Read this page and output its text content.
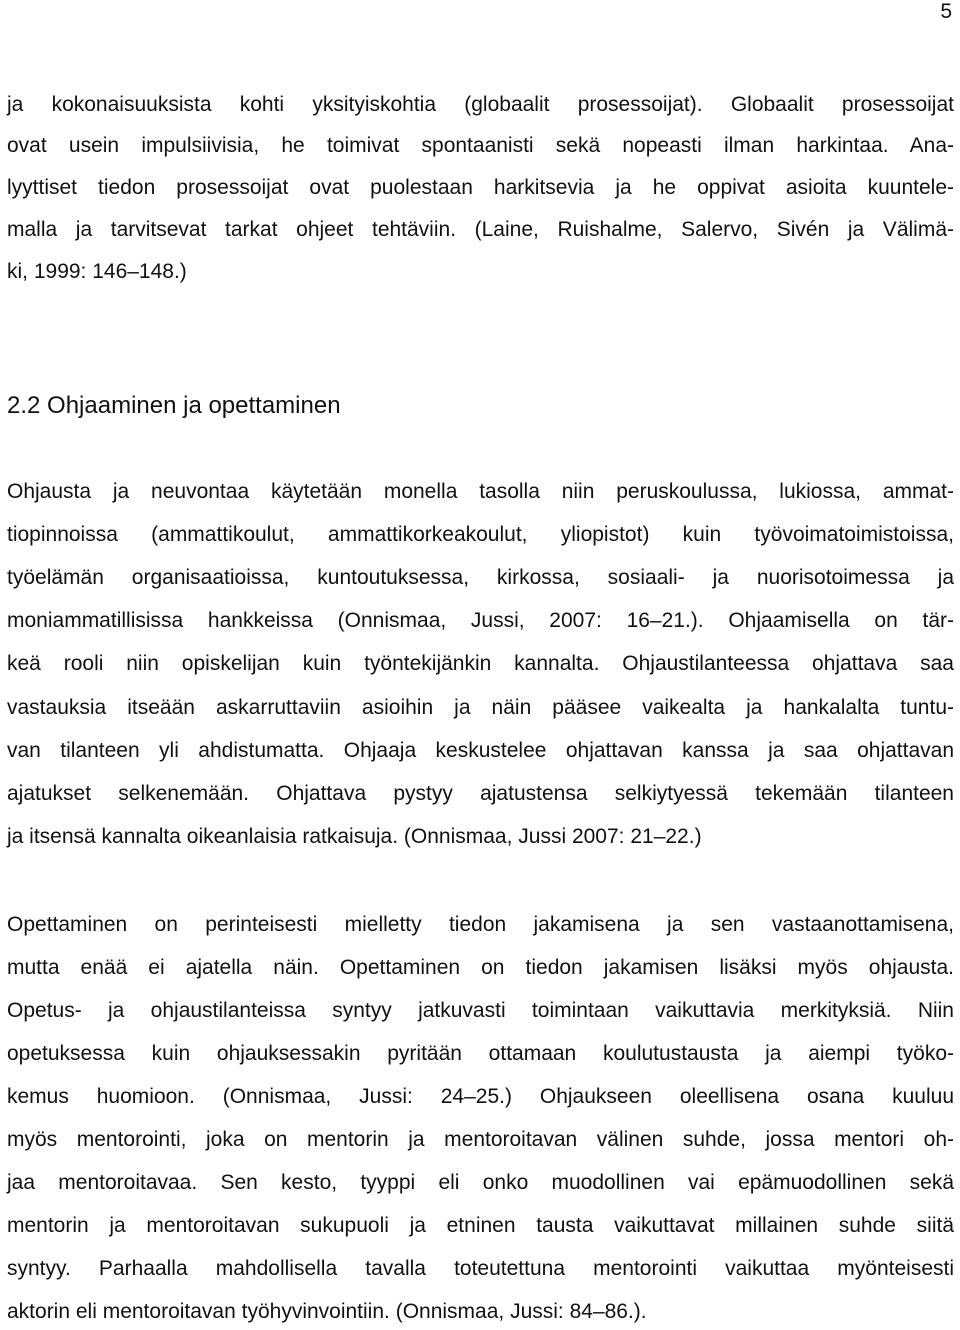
5
ja kokonaisuuksista kohti yksityiskohtia (globaalit prosessoijat). Globaalit prosessoijat
ovat usein impulsiivisia, he toimivat spontaanisti sekä nopeasti ilman harkintaa. Ana-
lyyttiset tiedon prosessoijat ovat puolestaan harkitsevia ja he oppivat asioita kuuntele-
malla ja tarvitsevat tarkat ohjeet tehtäviin. (Laine, Ruishalme, Salervo, Sivén ja Välimä-
ki, 1999: 146–148.)
2.2 Ohjaaminen ja opettaminen
Ohjausta ja neuvontaa käytetään monella tasolla niin peruskoulussa, lukiossa, ammat-
tiopinnoissa (ammattikoulut, ammattikorkeakoulut, yliopistot) kuin työvoimatoimistoissa,
työelämän organisaatioissa, kuntoutuksessa, kirkossa, sosiaali- ja nuorisotoimessa ja
moniammatillisissa hankkeissa (Onnismaa, Jussi, 2007: 16–21.). Ohjaamisella on tär-
keä rooli niin opiskelijan kuin työntekijänkin kannalta. Ohjaustilanteessa ohjattava saa
vastauksia itseään askarruttaviin asioihin ja näin pääsee vaikealta ja hankalalta tuntu-
van tilanteen yli ahdistumatta. Ohjaaja keskustelee ohjattavan kanssa ja saa ohjattavan
ajatukset selkenemään. Ohjattava pystyy ajatustensa selkiytyessä tekemään tilanteen
ja itsensä kannalta oikeanlaisia ratkaisuja. (Onnismaa, Jussi 2007: 21–22.)
Opettaminen on perinteisesti mielletty tiedon jakamisena ja sen vastaanottamisena,
mutta enää ei ajatella näin. Opettaminen on tiedon jakamisen lisäksi myös ohjausta.
Opetus- ja ohjaustilanteissa syntyy jatkuvasti toimintaan vaikuttavia merkityksiä. Niin
opetuksessa kuin ohjauksessakin pyritään ottamaan koulutustausta ja aiempi työko-
kemus huomioon. (Onnismaa, Jussi: 24–25.) Ohjaukseen oleellisena osana kuuluu
myös mentorointi, joka on mentorin ja mentoroitavan välinen suhde, jossa mentori oh-
jaa mentoroitavaa. Sen kesto, tyyppi eli onko muodollinen vai epämuodollinen sekä
mentorin ja mentoroitavan sukupuoli ja etninen tausta vaikuttavat millainen suhde siitä
syntyy. Parhaalla mahdollisella tavalla toteutettuna mentorointi vaikuttaa myönteisesti
aktorin eli mentoroitavan työhyvinvointiin. (Onnismaa, Jussi: 84–86.).
